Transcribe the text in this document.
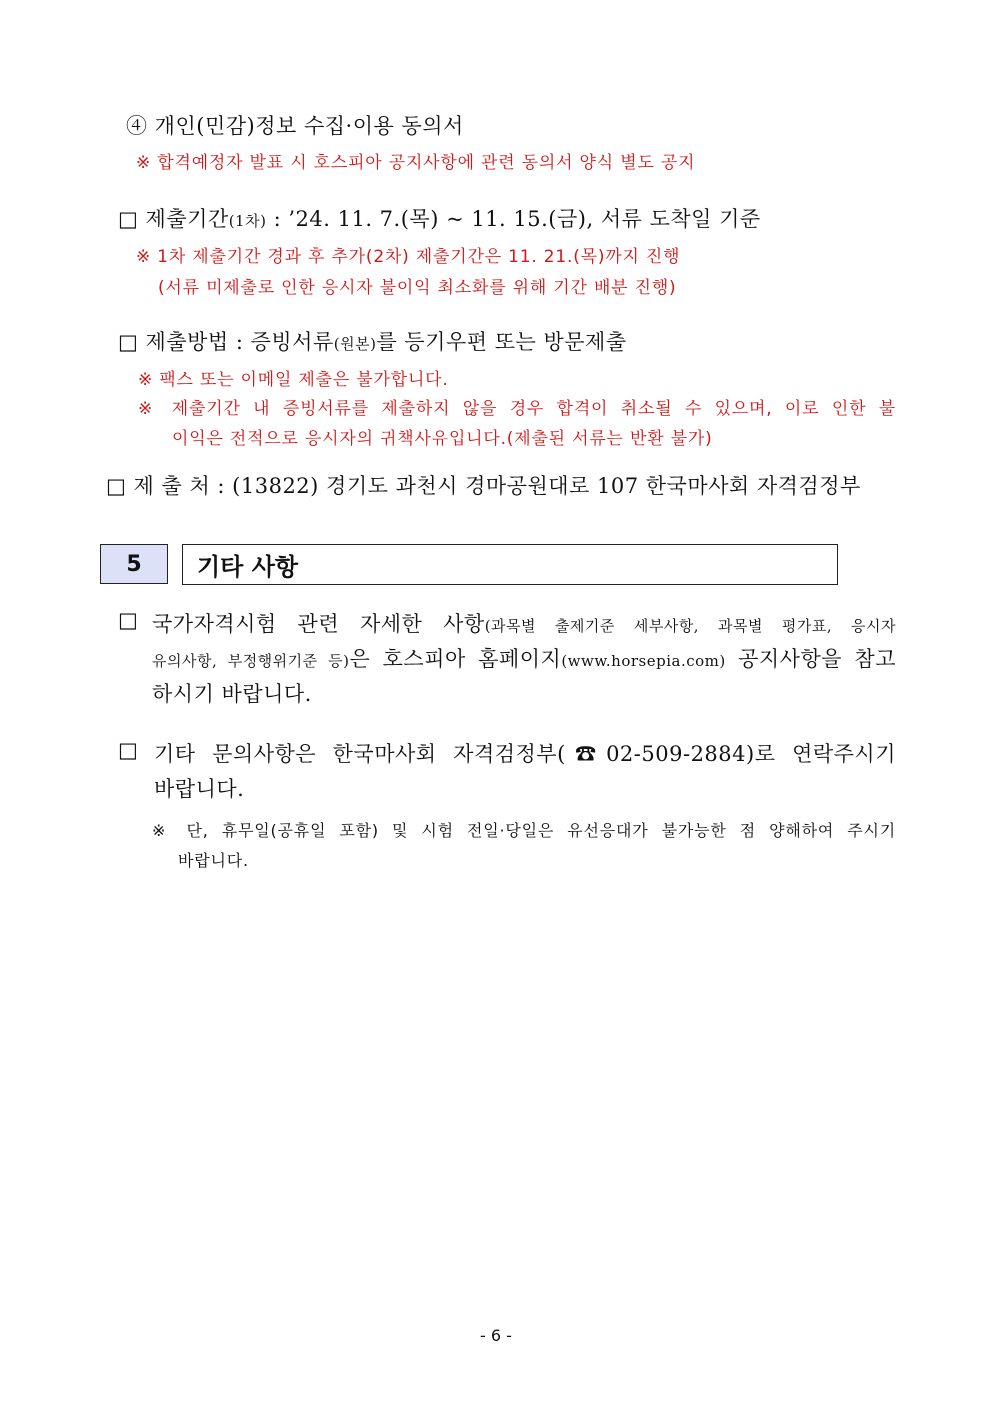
④ 개인(민감)정보 수집·이용 동의서
※ 합격예정자 발표 시 호스피아 공지사항에 관련 동의서 양식 별도 공지
□ 제출기간(1차) : ’24. 11. 7.(목) ~ 11. 15.(금), 서류 도착일 기준
※ 1차 제출기간 경과 후 추가(2차) 제출기간은 11. 21.(목)까지 진행
(서류 미제출로 인한 응시자 불이익 최소화를 위해 기간 배분 진행)
□ 제출방법 : 증빙서류(원본)를 등기우편 또는 방문제출
※ 팩스 또는 이메일 제출은 불가합니다.
※ 제출기간 내 증빙서류를 제출하지 않을 경우 합격이 취소될 수 있으며, 이로 인한 불
이익은 전적으로 응시자의 귀책사유입니다.(제출된 서류는 반환 불가)
□ 제 출 처 : (13822) 경기도 과천시 경마공원대로 107 한국마사회 자격검정부
5	기타 사항
□ 국가자격시험 관련 자세한 사항(과목별 출제기준 세부사항, 과목별 평가표, 응시자
유의사항, 부정행위기준 등)은 호스피아 홈페이지(www.horsepia.com) 공지사항을 참고
하시기 바랍니다.
□ 기타 문의사항은 한국마사회 자격검정부(☎02-509-2884)로 연락주시기
바랍니다.
※ 단, 휴무일(공휴일 포함) 및 시험 전일·당일은 유선응대가 불가능한 점 양해하여 주시기
바랍니다.
- 6 -
